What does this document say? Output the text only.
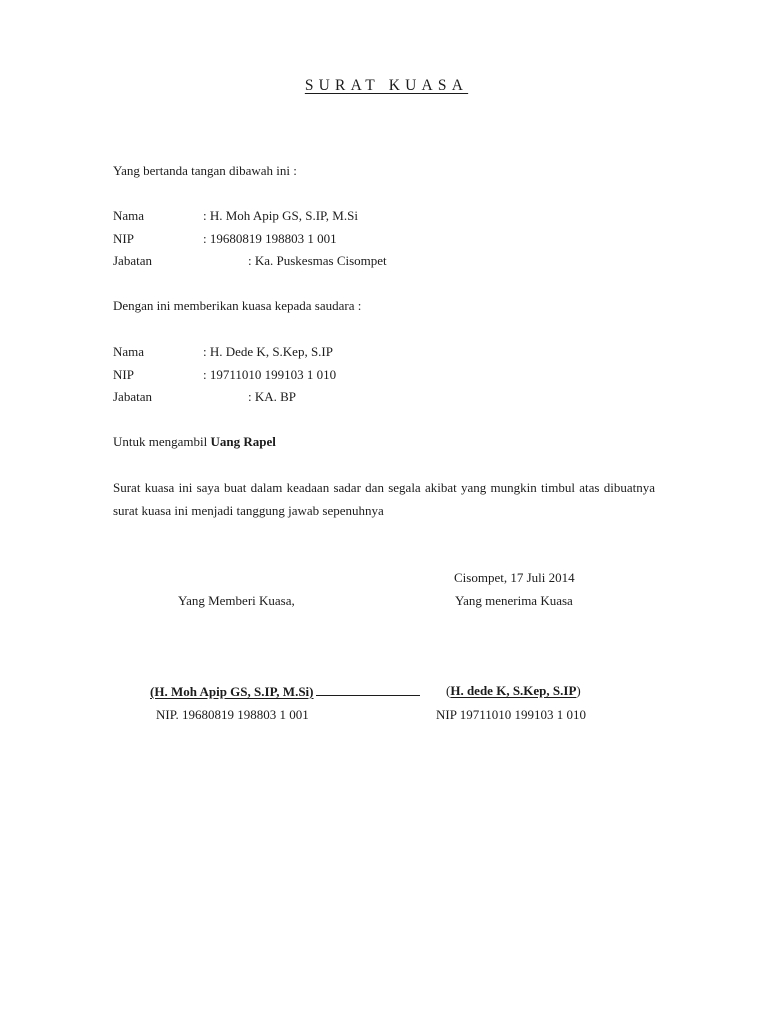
SURAT KUASA
Yang bertanda tangan dibawah ini :
Nama	: H. Moh Apip GS, S.IP, M.Si
NIP	: 19680819 198803 1 001
Jabatan	: Ka. Puskesmas Cisompet
Dengan ini memberikan kuasa kepada saudara :
Nama	: H. Dede K, S.Kep, S.IP
NIP	: 19711010 199103 1 010
Jabatan	: KA. BP
Untuk mengambil Uang Rapel
Surat kuasa ini saya buat dalam keadaan sadar dan segala akibat yang mungkin timbul atas dibuatnya surat kuasa ini menjadi tanggung jawab sepenuhnya
Cisompet, 17 Juli 2014
Yang Memberi Kuasa,	Yang menerima Kuasa
(H. Moh Apip GS, S.IP, M.Si)	(H. dede K, S.Kep, S.IP)
NIP. 19680819 198803 1 001	NIP 19711010 199103 1 010
